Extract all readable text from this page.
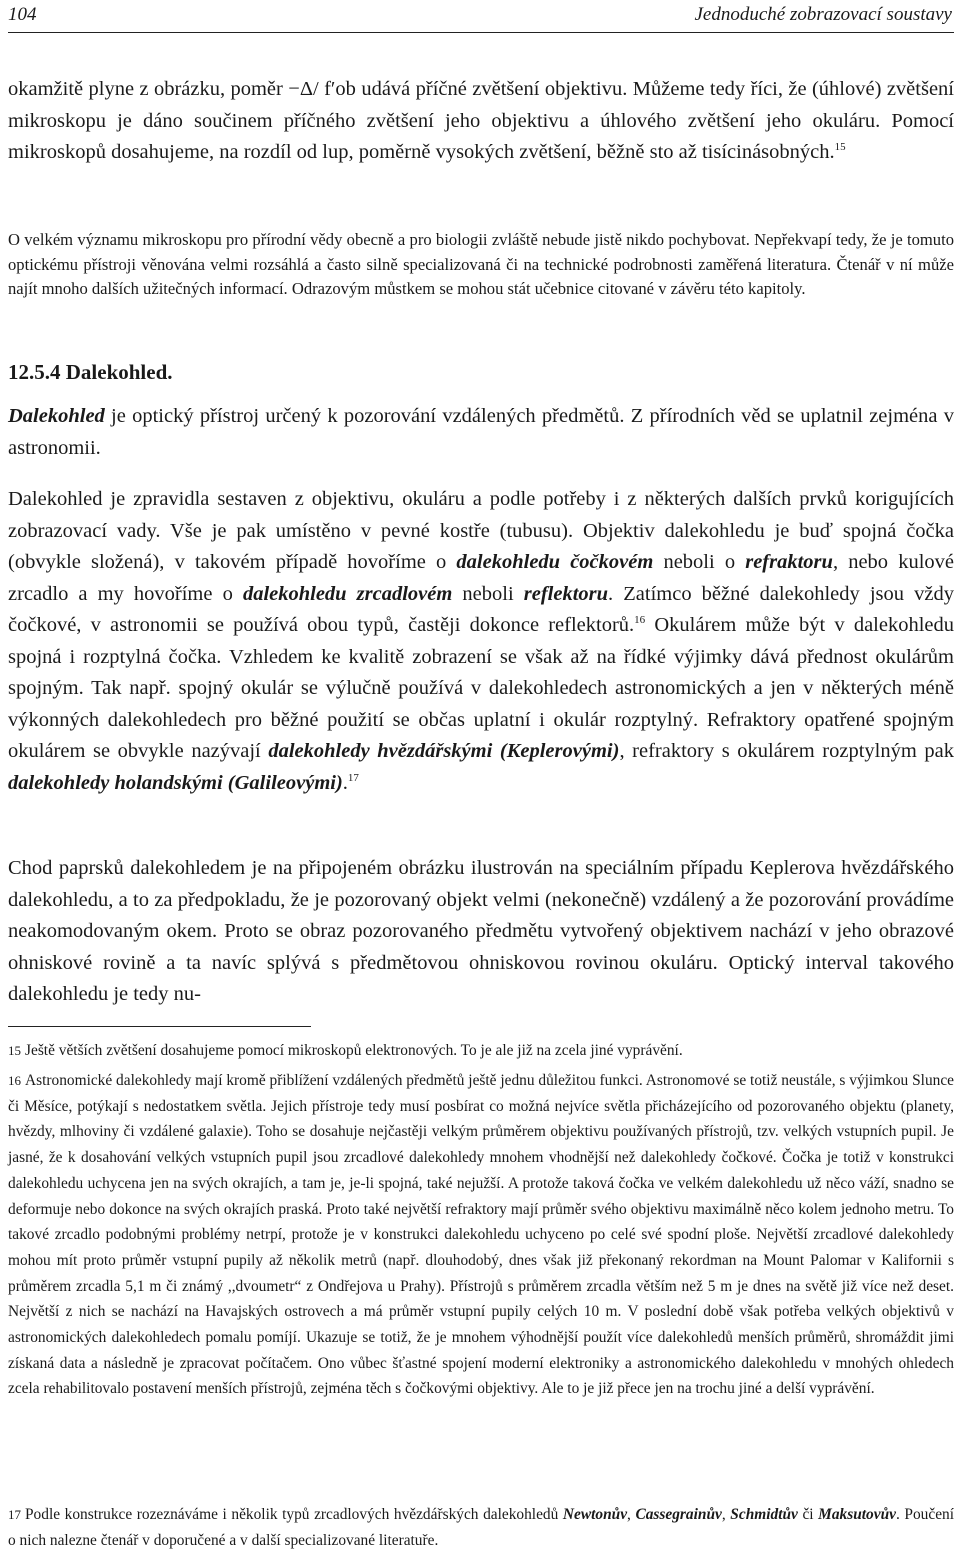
104	Jednoduché zobrazovací soustavy

okamžitě plyne z obrázku, poměr −Δ/ f′ob udává příčné zvětšení objektivu. Můžeme tedy říci, že (úhlové) zvětšení mikroskopu je dáno součinem příčného zvětšení jeho objektivu a úhlového zvětšení jeho okuláru. Pomocí mikroskopů dosahujeme, na rozdíl od lup, poměrně vysokých zvětšení, běžně sto až tisícinásobných.$^{15}$

O velkém významu mikroskopu pro přírodní vědy obecně a pro biologii zvláště nebude jistě nikdo pochybovat. Nepřekvapí tedy, že je tomuto optickému přístroji věnována velmi rozsáhlá a často silně specializovaná či na technické podrobnosti zaměřená literatura. Čtenář v ní může najít mnoho dalších užitečných informací. Odrazovým můstkem se mohou stát učebnice citované v závěru této kapitoly.

12.5.4 Dalekohled.

Dalekohled je optický přístroj určený k pozorování vzdálených předmětů. Z přírodních věd se uplatnil zejména v astronomii.

Dalekohled je zpravidla sestaven z objektivu, okuláru a podle potřeby i z některých dalších prvků korigujících zobrazovací vady. Vše je pak umístěno v pevné kostře (tubusu). Objektiv dalekohledu je buď spojná čočka (obvykle složená), v takovém případě hovoříme o dalekohledu čočkovém neboli o refraktoru, nebo kulové zrcadlo a my hovoříme o dalekohledu zrcadlovém neboli reflektoru. Zatímco běžné dalekohledy jsou vždy čočkové, v astronomii se používá obou typů, častěji dokonce reflektorů.$^{16}$ Okulárem může být v dalekohledu spojná i rozptylná čočka. Vzhledem ke kvalitě zobrazení se však až na řídké výjimky dává přednost okulárům spojným. Tak např. spojný okulár se výlučně používá v dalekohledech astronomických a jen v některých méně výkonných dalekohledech pro běžné použití se občas uplatní i okulár rozptylný. Refraktory opatřené spojným okulárem se obvykle nazývají dalekohledy hvězdářskými (Keplerovými), refraktory s okulárem rozptylným pak dalekohledy holandskými (Galileovými).$^{17}$

Chod paprsků dalekohledem je na připojeném obrázku ilustrován na speciálním případu Keplerova hvězdářského dalekohledu, a to za předpokladu, že je pozorovaný objekt velmi (nekonečně) vzdálený a že pozorování provádíme neakomodovaným okem. Proto se obraz pozorovaného předmětu vytvořený objektivem nachází v jeho obrazové ohniskové rovině a ta navíc splývá s předmětovou ohniskovou rovinou okuláru. Optický interval takového dalekohledu je tedy nu-

15 Ještě větších zvětšení dosahujeme pomocí mikroskopů elektronových. To je ale již na zcela jiné vyprávění.

16 Astronomické dalekohledy mají kromě přiblížení vzdálených předmětů ještě jednu důležitou funkci. Astronomové se totiž neustále, s výjimkou Slunce či Měsíce, potýkají s nedostatkem světla. Jejich přístroje tedy musí posbírat co možná nejvíce světla přicházejícího od pozorovaného objektu (planety, hvězdy, mlhoviny či vzdálené galaxie). Toho se dosahuje nejčastěji velkým průměrem objektivu používaných přístrojů, tzv. velkých vstupních pupil. Je jasné, že k dosahování velkých vstupních pupil jsou zrcadlové dalekohledy mnohem vhodnější než dalekohledy čočkové. Čočka je totiž v konstrukci dalekohledu uchycena jen na svých okrajích, a tam je, je-li spojná, také nejužší. A protože taková čočka ve velkém dalekohledu už něco váží, snadno se deformuje nebo dokonce na svých okrajích praská. Proto také největší refraktory mají průměr svého objektivu maximálně něco kolem jednoho metru. To takové zrcadlo podobnými problémy netrpí, protože je v konstrukci dalekohledu uchyceno po celé své spodní ploše. Největší zrcadlové dalekohledy mohou mít proto průměr vstupní pupily až několik metrů (např. dlouhodobý, dnes však již překonaný rekordman na Mount Palomar v Kalifornii s průměrem zrcadla 5,1 m či známý ,,dvoumetr“ z Ondřejova u Prahy). Přístrojů s průměrem zrcadla větším než 5 m je dnes na světě již více než deset. Největší z nich se nachází na Havajských ostrovech a má průměr vstupní pupily celých 10 m. V poslední době však potřeba velkých objektivů v astronomických dalekohledech pomalu pomíjí. Ukazuje se totiž, že je mnohem výhodnější použít více dalekohledů menších průměrů, shromáždit jimi získaná data a následně je zpracovat počítačem. Ono vůbec šťastné spojení moderní elektroniky a astronomického dalekohledu v mnohých ohledech zcela rehabilitovalo postavení menších přístrojů, zejména těch s čočkovými objektivy. Ale to je již přece jen na trochu jiné a delší vyprávění.

17 Podle konstrukce rozeznáváme i několik typů zrcadlových hvězdářských dalekohledů Newtonův, Cassegrainův, Schmidtův či Maksutovův. Poučení o nich nalezne čtenář v doporučené a v další specializované literatuře.
